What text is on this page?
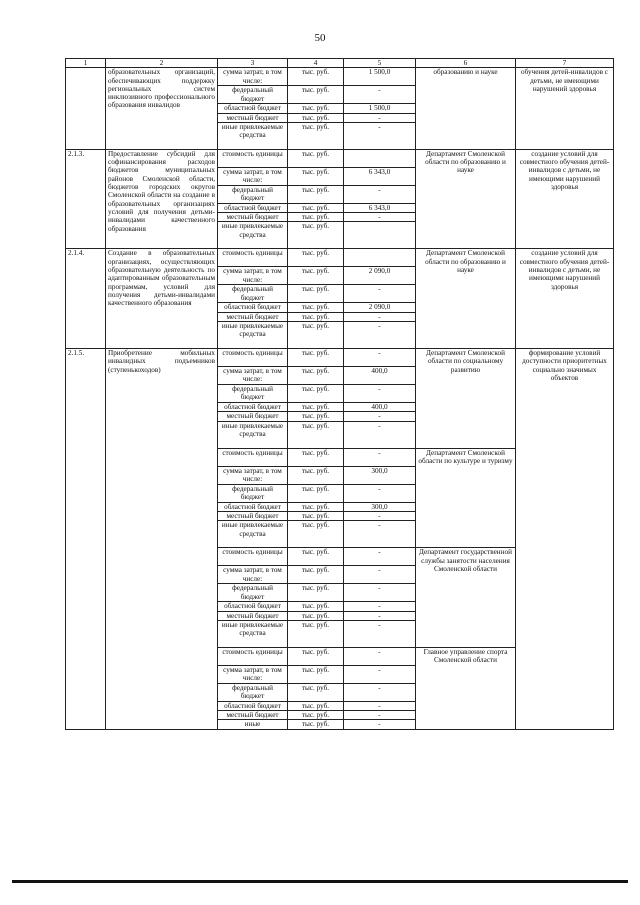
50
1	2	3	4	5	6	7
	образовательных организаций, обеспечивающих поддержку региональных систем инклюзивного профессионального образования инвалидов	сумма затрат, в том числе:	тыс. руб.	1 500,0	образованию и науке	обучения детей-инвалидов с детьми, не имеющими нарушений здоровья
		федеральный бюджет	тыс. руб.	-		
		областной бюджет	тыс. руб.	1 500,0		
		местный бюджет	тыс. руб.	-		
		иные привлекаемые средства	тыс. руб.	-		
2.1.3.	Предоставление субсидий для софинансирования расходов бюджетов муниципальных районов Смоленской области, бюджетов городских округов Смоленской области на создание в образовательных организациях условий для получения детьми-инвалидами качественного образования	стоимость единицы	тыс. руб.		Департамент Смоленской области по образованию и науке	создание условий для совместного обучения детей-инвалидов с детьми, не имеющими нарушений здоровья
		сумма затрат, в том числе:	тыс. руб.	6 343,0		
		федеральный бюджет	тыс. руб.	-		
		областной бюджет	тыс. руб.	6 343,0		
		местный бюджет	тыс. руб.	-		
		иные привлекаемые средства	тыс. руб.			
2.1.4.	Создание в образовательных организациях, осуществляющих образовательную деятельность по адаптированным образовательным программам, условий для получения детьми-инвалидами качественного образования	стоимость единицы	тыс. руб.		Департамент Смоленской области по образованию и науке	создание условий для совместного обучения детей-инвалидов с детьми, не имеющими нарушений здоровья
		сумма затрат, в том числе:	тыс. руб.	2 090,0		
		федеральный бюджет	тыс. руб.	-		
		областной бюджет	тыс. руб.	2 090,0		
		местный бюджет	тыс. руб.	-		
		иные привлекаемые средства	тыс. руб.	-		
2.1.5.	Приобретение мобильных инвалидных подъемников (ступенькоходов)	стоимость единицы	тыс. руб.	-	Департамент Смоленской области по социальному развитию	формирование условий доступности приоритетных социально значимых объектов
		сумма затрат, в том числе:	тыс. руб.	400,0		
		федеральный бюджет	тыс. руб.	-		
		областной бюджет	тыс. руб.	400,0		
		местный бюджет	тыс. руб.	-		
		иные привлекаемые средства	тыс. руб.	-		
		стоимость единицы	тыс. руб.	-	Департамент Смоленской области по культуре и туризму	
		сумма затрат, в том числе:	тыс. руб.	300,0		
		федеральный бюджет	тыс. руб.	-		
		областной бюджет	тыс. руб.	300,0		
		местный бюджет	тыс. руб.	-		
		иные привлекаемые средства	тыс. руб.	-		
		стоимость единицы	тыс. руб.	-	Департамент государственной службы занятости населения Смоленской области	
		сумма затрат, в том числе:	тыс. руб.	-		
		федеральный бюджет	тыс. руб.	-		
		областной бюджет	тыс. руб.	-		
		местный бюджет	тыс. руб.	-		
		иные привлекаемые средства	тыс. руб.	-		
		стоимость единицы	тыс. руб.	-	Главное управление спорта Смоленской области	
		сумма затрат, в том числе:	тыс. руб.	-		
		федеральный бюджет	тыс. руб.	-		
		областной бюджет	тыс. руб.	-		
		местный бюджет	тыс. руб.	-		
		иные	тыс. руб.	-		
